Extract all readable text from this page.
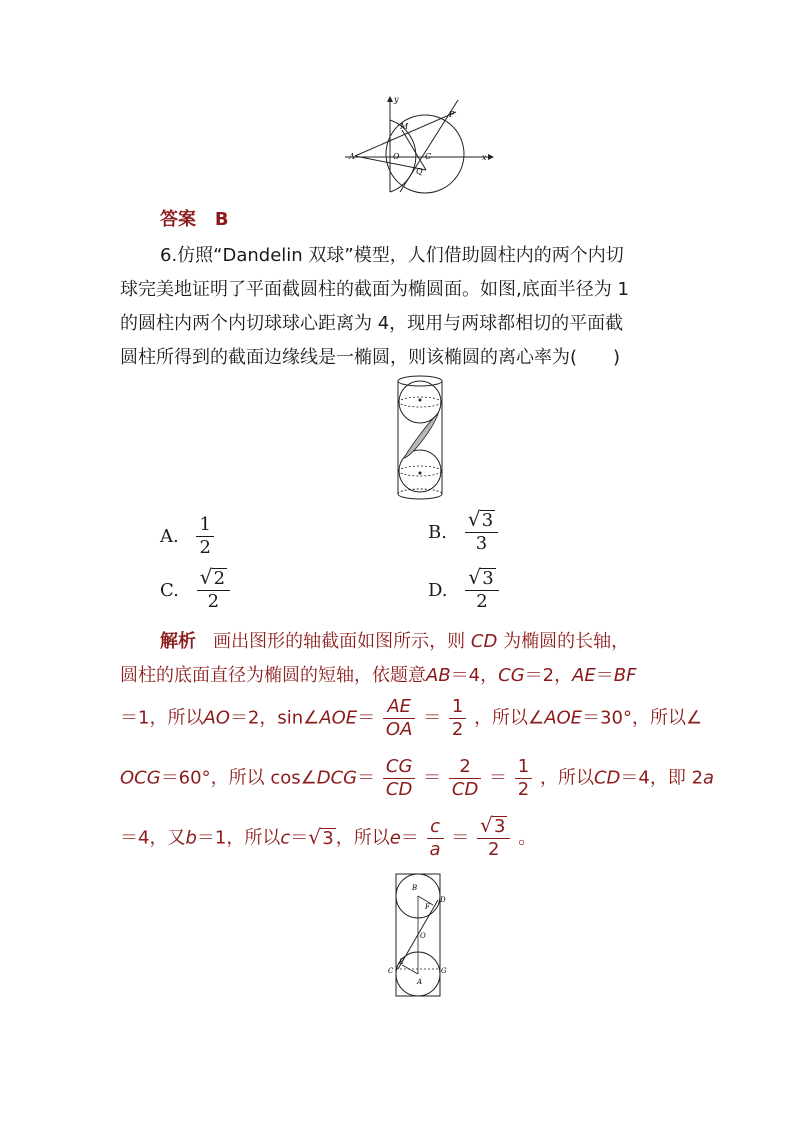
y
M
P
A	O	C
Q
x
答案 B
6.仿照“Dandelin 双球”模型，人们借助圆柱内的两个内切
球完美地证明了平面截圆柱的截面为椭圆面。如图,底面半径为 1
的圆柱内两个内切球球心距离为 4，现用与两球都相切的平面截
圆柱所得到的截面边缘线是一椭圆，则该椭圆的离心率为(　　)
A. $\frac{1}{2}$	B. $\frac{√ 3}{3}$
C. $\frac{√ 2}{2}$	D. $\frac{√ 3}{2}$
解析 画出图形的轴截面如图所示，则 CD 为椭圆的长轴，
圆柱的底面直径为椭圆的短轴，依题意AB＝4，CG＝2，AE＝BF
＝1，所以AO＝2，sin∠AOE＝ $\frac{AE}{OA} = \frac{1}{2}$ ，所以∠AOE＝30°，所以∠
OCG＝60°，所以 cos∠DCG＝ $\frac{CG}{CD} = \frac{2}{CD} = \frac{1}{2}$ ，所以CD＝4，即 2a
＝4，又b＝1，所以c＝ √ 3 ，所以$e= \frac{c}{a} = \frac{√ 3}{2}$ 。
B
F
D
O
E
C	G
A
